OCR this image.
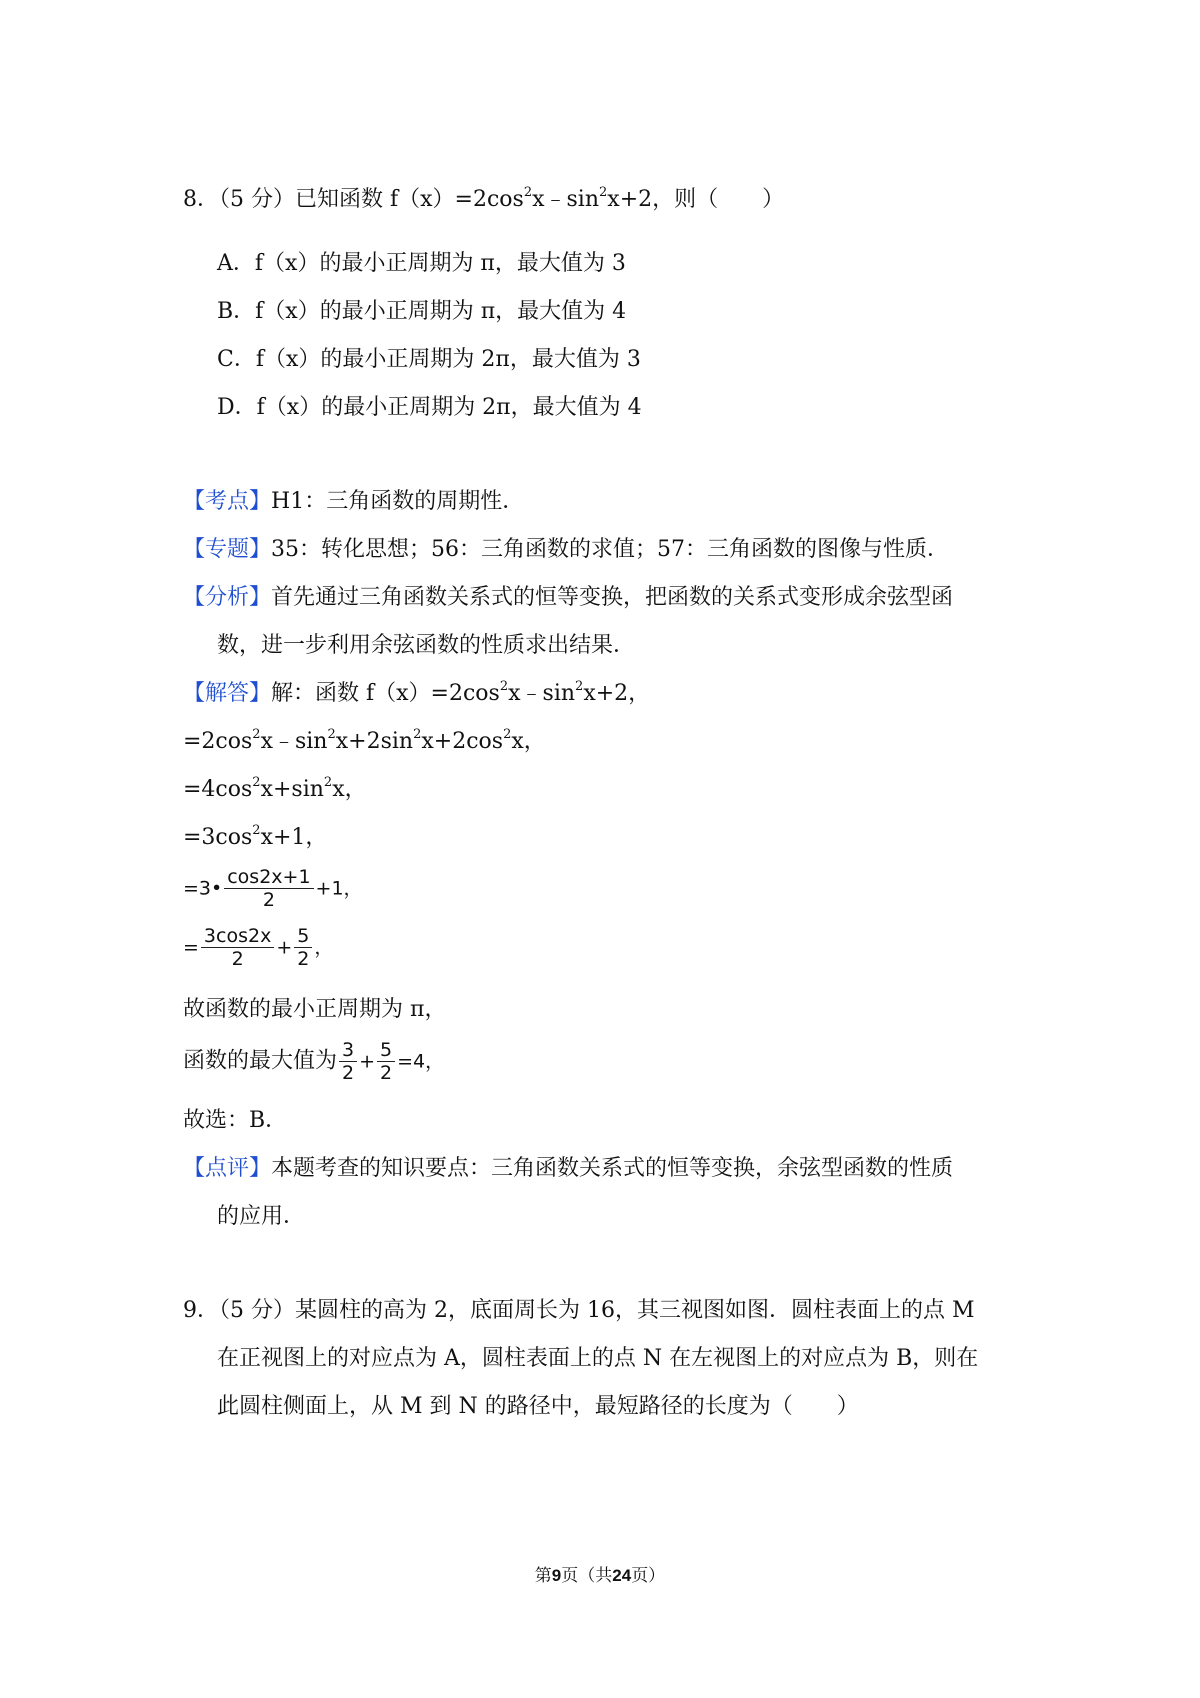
8．（5 分）已知函数 $f(x)=2\cos^2x﹣\sin^2x+2$，则（　　）
A．f（x）的最小正周期为 π，最大值为 3
B．f（x）的最小正周期为 π，最大值为 4
C．f（x）的最小正周期为 2π，最大值为 3
D．f（x）的最小正周期为 2π，最大值为 4
【考点】H1：三角函数的周期性．
【专题】35：转化思想；56：三角函数的求值；57：三角函数的图像与性质．
【分析】首先通过三角函数关系式的恒等变换，把函数的关系式变形成余弦型函
数，进一步利用余弦函数的性质求出结果．
【解答】解：函数 $f(x)=2\cos^2x﹣\sin^2x+2$，
$=2\cos^2x﹣\sin^2x+2\sin^2x+2\cos^2x$，
$=4\cos^2x+\sin^2x$，
$=3\cos^2x+1$，
=3• $\frac{\cos 2x+1}{2} +1$，
= $\frac{3\cos 2x}{2} + \frac{5}{2}$ ，
故函数的最小正周期为 π，
函数的最大值为 $\frac{3}{2} + \frac{5}{2} =4$，
故选：B．
【点评】本题考查的知识要点：三角函数关系式的恒等变换，余弦型函数的性质
的应用．
9．（5 分）某圆柱的高为 2，底面周长为 16，其三视图如图．圆柱表面上的点 M
在正视图上的对应点为 A，圆柱表面上的点 N 在左视图上的对应点为 B，则在
此圆柱侧面上，从 M 到 N 的路径中，最短路径的长度为（　　）
第9页（共24页）
